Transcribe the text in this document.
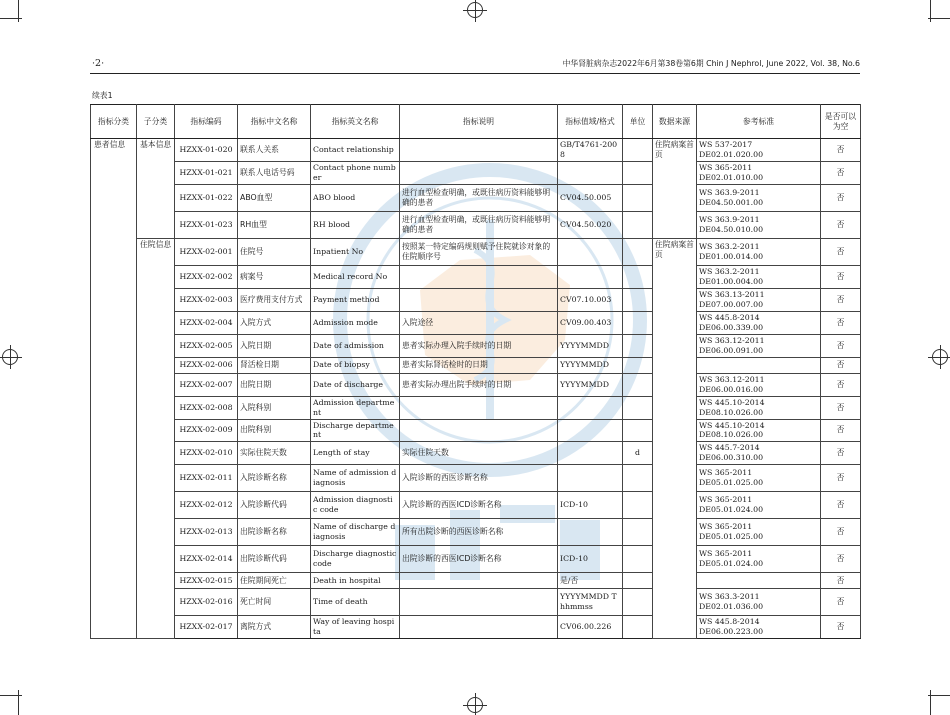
·2·	中华肾脏病杂志2022年6月第38卷第6期 Chin J Nephrol, June 2022, Vol. 38, No.6
续表1
指标分类	子分类	指标编码	指标中文名称	指标英文名称	指标说明	指标值域/格式	单位	数据来源	参考标准	是否可以为空
患者信息	基本信息	HZXX-01-020	联系人关系	Contact relationship		GB/T4761-2008		住院病案首页	WS 537-2017 DE02.01.020.00	否
		HZXX-01-021	联系人电话号码	Contact phone number					WS 365-2011 DE02.01.010.00	否
		HZXX-01-022	ABO血型	ABO blood	进行血型检查明确，或既往病历资料能够明确的患者	CV04.50.005			WS 363.9-2011 DE04.50.001.00	否
		HZXX-01-023	RH血型	RH blood	进行血型检查明确，或既往病历资料能够明确的患者	CV04.50.020			WS 363.9-2011 DE04.50.010.00	否
	住院信息	HZXX-02-001	住院号	Inpatient No	按照某一特定编码规则赋予住院就诊对象的住院顺序号			住院病案首页	WS 363.2-2011 DE01.00.014.00	否
		HZXX-02-002	病案号	Medical record No					WS 363.2-2011 DE01.00.004.00	否
		HZXX-02-003	医疗费用支付方式	Payment method		CV07.10.003			WS 363.13-2011 DE07.00.007.00	否
		HZXX-02-004	入院方式	Admission mode	入院途径	CV09.00.403			WS 445.8-2014 DE06.00.339.00	否
		HZXX-02-005	入院日期	Date of admission	患者实际办理入院手续时的日期	YYYYMMDD			WS 363.12-2011 DE06.00.091.00	否
		HZXX-02-006	肾活检日期	Date of biopsy	患者实际肾活检时的日期	YYYYMMDD				否
		HZXX-02-007	出院日期	Date of discharge	患者实际办理出院手续时的日期	YYYYMMDD			WS 363.12-2011 DE06.00.016.00	否
		HZXX-02-008	入院科别	Admission department					WS 445.10-2014 DE08.10.026.00	否
		HZXX-02-009	出院科别	Discharge department					WS 445.10-2014 DE08.10.026.00	否
		HZXX-02-010	实际住院天数	Length of stay	实际住院天数		d		WS 445.7-2014 DE06.00.310.00	否
		HZXX-02-011	入院诊断名称	Name of admission diagnosis	入院诊断的西医诊断名称				WS 365-2011 DE05.01.025.00	否
		HZXX-02-012	入院诊断代码	Admission diagnostic code	入院诊断的西医ICD诊断名称	ICD-10			WS 365-2011 DE05.01.024.00	否
		HZXX-02-013	出院诊断名称	Name of discharge diagnosis	所有出院诊断的西医诊断名称				WS 365-2011 DE05.01.025.00	否
		HZXX-02-014	出院诊断代码	Discharge diagnostic code	出院诊断的西医ICD诊断名称	ICD-10			WS 365-2011 DE05.01.024.00	否
		HZXX-02-015	住院期间死亡	Death in hospital		是/否				否
		HZXX-02-016	死亡时间	Time of death		YYYYMMDD Thhmmss			WS 363.3-2011 DE02.01.036.00	否
		HZXX-02-017	离院方式	Way of leaving hospita		CV06.00.226			WS 445.8-2014 DE06.00.223.00	否
